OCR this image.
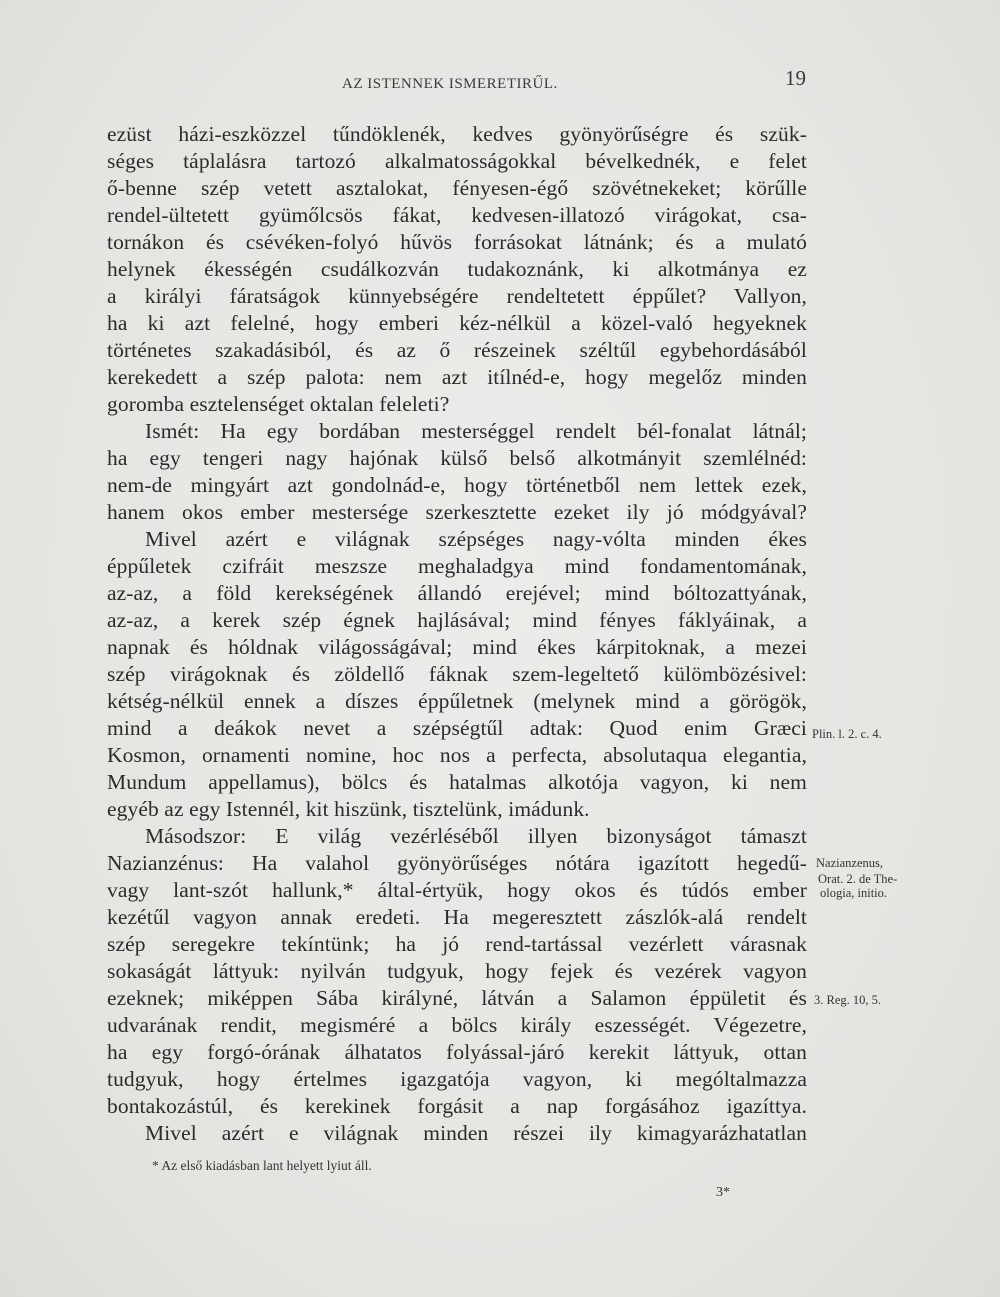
AZ ISTENNEK ISMERETIRŰL.	19
ezüst házi-eszközzel tűndöklenék, kedves gyönyörűségre és szük-
séges táplalásra tartozó alkalmatosságokkal bévelkednék, e felet
ő-benne szép vetett asztalokat, fényesen-égő szövétnekeket; körűlle
rendel-ültetett gyümőlcsös fákat, kedvesen-illatozó virágokat, csa-
tornákon és csévéken-folyó hűvös forrásokat látnánk; és a mulató
helynek ékességén csudálkozván tudakoznánk, ki alkotmánya ez
a királyi fáratságok künnyebségére rendeltetett éppűlet? Vallyon,
ha ki azt felelné, hogy emberi kéz-nélkül a közel-való hegyeknek
történetes szakadásiból, és az ő részeinek széltűl egybehordásából
kerekedett a szép palota: nem azt itílnéd-e, hogy megelőz minden
goromba esztelenséget oktalan feleleti?
Ismét: Ha egy bordában mesterséggel rendelt bél-fonalat látnál;
ha egy tengeri nagy hajónak külső belső alkotmányit szemlélnéd:
nem-de mingyárt azt gondolnád-e, hogy történetből nem lettek ezek,
hanem okos ember mestersége szerkesztette ezeket ily jó módgyával?
Mivel azért e világnak szépséges nagy-vólta minden ékes
éppűletek czifráit meszsze meghaladgya mind fondamentomának,
az-az, a föld kerekségének állandó erejével; mind bóltozattyának,
az-az, a kerek szép égnek hajlásával; mind fényes fáklyáinak, a
napnak és hóldnak világosságával; mind ékes kárpitoknak, a mezei
szép virágoknak és zöldellő fáknak szem-legeltető külömbözésivel:
kétség-nélkül ennek a díszes éppűletnek (melynek mind a görögök,
mind a deákok nevet a szépségtűl adtak: Quod enim Græci
Kosmon, ornamenti nomine, hoc nos a perfecta, absolutaqua elegantia,
Mundum appellamus), bölcs és hatalmas alkotója vagyon, ki nem
egyéb az egy Istennél, kit hiszünk, tisztelünk, imádunk.
Másodszor: E világ vezérléséből illyen bizonyságot támaszt
Nazianzénus: Ha valahol gyönyörűséges nótára igazított hegedű-
vagy lant-szót hallunk,* által-értyük, hogy okos és túdós ember
kezétűl vagyon annak eredeti. Ha megeresztett zászlók-alá rendelt
szép seregekre tekíntünk; ha jó rend-tartással vezérlett várasnak
sokaságát láttyuk: nyilván tudgyuk, hogy fejek és vezérek vagyon
ezeknek; miképpen Sába királyné, látván a Salamon éppületit és
udvarának rendit, megisméré a bölcs király eszességét. Végezetre,
ha egy forgó-órának álhatatos folyással-járó kerekit láttyuk, ottan
tudgyuk, hogy értelmes igazgatója vagyon, ki mególtalmazza
bontakozástúl, és kerekinek forgásit a nap forgásához igazíttya.
Mivel azért e világnak minden részei ily kimagyarázhatatlan
Plin. l. 2. c. 4.
Nazianzenus,
Orat. 2. de The-
ologia, initio.
3. Reg. 10, 5.
* Az első kiadásban lant helyett lyiut áll.
3*
